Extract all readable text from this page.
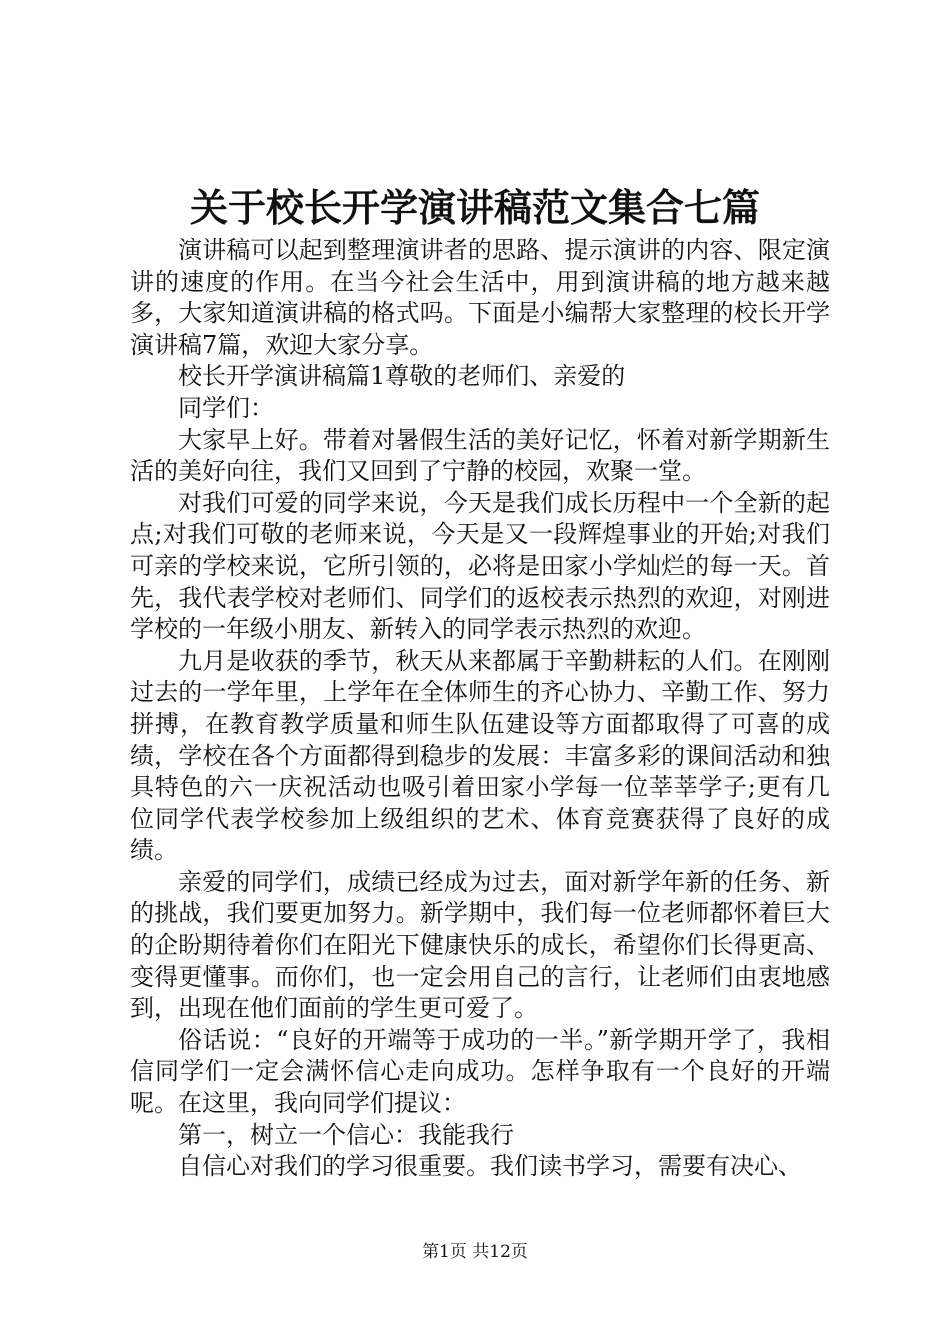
关于校长开学演讲稿范文集合七篇

演讲稿可以起到整理演讲者的思路、提示演讲的内容、限定演讲的速度的作用。在当今社会生活中，用到演讲稿的地方越来越多，大家知道演讲稿的格式吗。下面是小编帮大家整理的校长开学演讲稿7篇，欢迎大家分享。

校长开学演讲稿篇1尊敬的老师们、亲爱的

同学们：

大家早上好。带着对暑假生活的美好记忆，怀着对新学期新生活的美好向往，我们又回到了宁静的校园，欢聚一堂。

对我们可爱的同学来说，今天是我们成长历程中一个全新的起点;对我们可敬的老师来说，今天是又一段辉煌事业的开始;对我们可亲的学校来说，它所引领的，必将是田家小学灿烂的每一天。首先，我代表学校对老师们、同学们的返校表示热烈的欢迎，对刚进学校的一年级小朋友、新转入的同学表示热烈的欢迎。

九月是收获的季节，秋天从来都属于辛勤耕耘的人们。在刚刚过去的一学年里，上学年在全体师生的齐心协力、辛勤工作、努力拼搏，在教育教学质量和师生队伍建设等方面都取得了可喜的成绩，学校在各个方面都得到稳步的发展：丰富多彩的课间活动和独具特色的六一庆祝活动也吸引着田家小学每一位莘莘学子;更有几位同学代表学校参加上级组织的艺术、体育竞赛获得了良好的成绩。

亲爱的同学们，成绩已经成为过去，面对新学年新的任务、新的挑战，我们要更加努力。新学期中，我们每一位老师都怀着巨大的企盼期待着你们在阳光下健康快乐的成长，希望你们长得更高、变得更懂事。而你们，也一定会用自己的言行，让老师们由衷地感到，出现在他们面前的学生更可爱了。

俗话说：“良好的开端等于成功的一半。”新学期开学了，我相信同学们一定会满怀信心走向成功。怎样争取有一个良好的开端呢。在这里，我向同学们提议：

第一，树立一个信心：我能我行

自信心对我们的学习很重要。我们读书学习，需要有决心、

第1页 共12页
